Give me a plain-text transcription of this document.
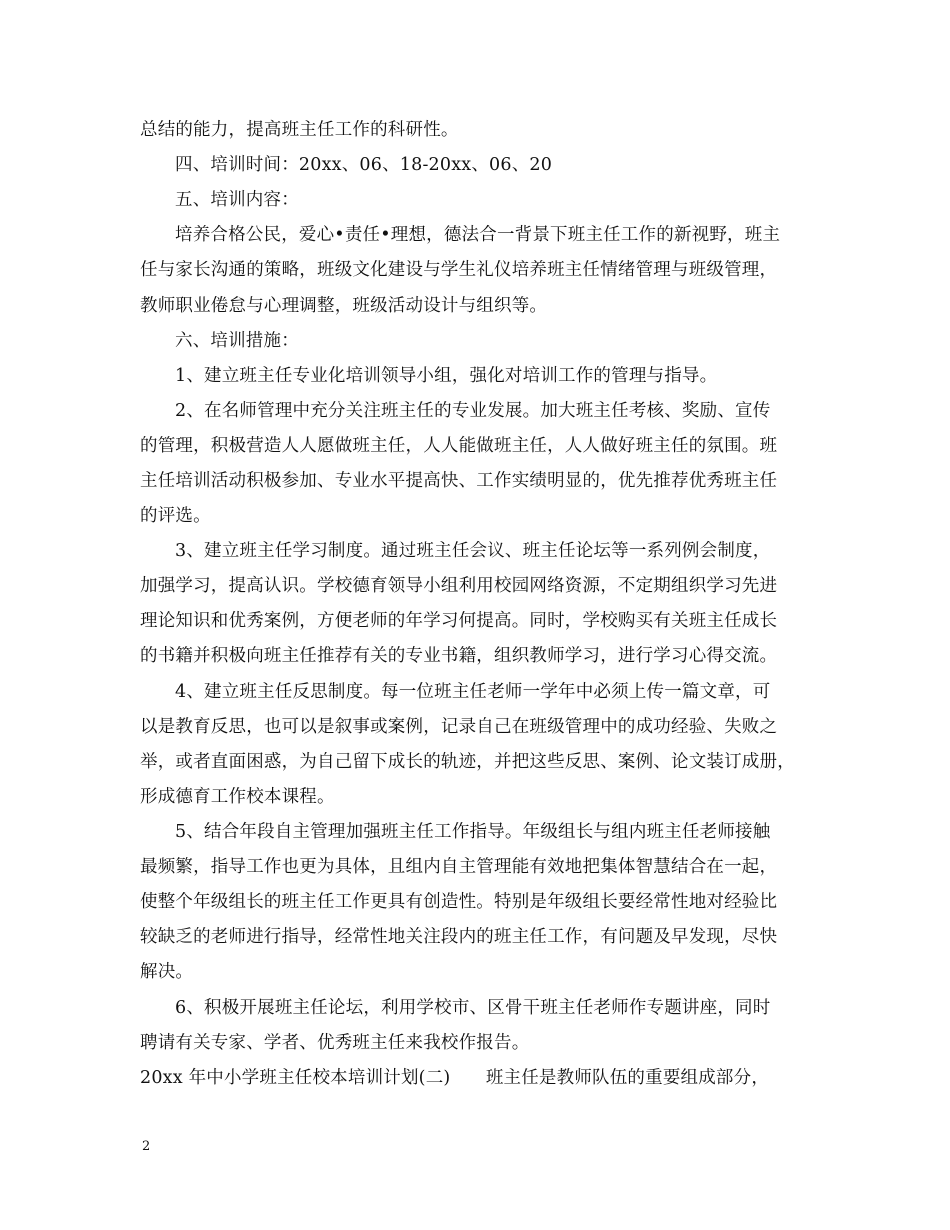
总结的能力，提高班主任工作的科研性。
四、培训时间：20xx、06、18-20xx、06、20
五、培训内容：
培养合格公民，爱心•责任•理想，德法合一背景下班主任工作的新视野，班主
任与家长沟通的策略，班级文化建设与学生礼仪培养班主任情绪管理与班级管理，
教师职业倦怠与心理调整，班级活动设计与组织等。
六、培训措施：
1、建立班主任专业化培训领导小组，强化对培训工作的管理与指导。
2、在名师管理中充分关注班主任的专业发展。加大班主任考核、奖励、宣传
的管理，积极营造人人愿做班主任，人人能做班主任，人人做好班主任的氛围。班
主任培训活动积极参加、专业水平提高快、工作实绩明显的，优先推荐优秀班主任
的评选。
3、建立班主任学习制度。通过班主任会议、班主任论坛等一系列例会制度，
加强学习，提高认识。学校德育领导小组利用校园网络资源，不定期组织学习先进
理论知识和优秀案例，方便老师的年学习何提高。同时，学校购买有关班主任成长
的书籍并积极向班主任推荐有关的专业书籍，组织教师学习，进行学习心得交流。
4、建立班主任反思制度。每一位班主任老师一学年中必须上传一篇文章，可
以是教育反思，也可以是叙事或案例，记录自己在班级管理中的成功经验、失败之
举，或者直面困惑，为自己留下成长的轨迹，并把这些反思、案例、论文装订成册，
形成德育工作校本课程。
5、结合年段自主管理加强班主任工作指导。年级组长与组内班主任老师接触
最频繁，指导工作也更为具体，且组内自主管理能有效地把集体智慧结合在一起，
使整个年级组长的班主任工作更具有创造性。特别是年级组长要经常性地对经验比
较缺乏的老师进行指导，经常性地关注段内的班主任工作，有问题及早发现，尽快
解决。
6、积极开展班主任论坛，利用学校市、区骨干班主任老师作专题讲座，同时
聘请有关专家、学者、优秀班主任来我校作报告。
20xx 年中小学班主任校本培训计划(二)　　班主任是教师队伍的重要组成部分，
2
